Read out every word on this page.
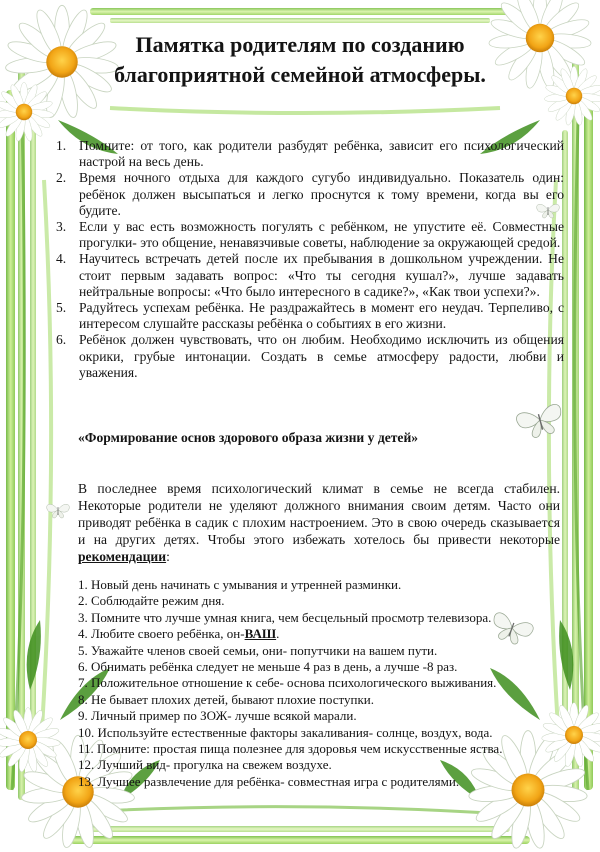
Памятка родителям по созданию
благоприятной семейной атмосферы.
1. Помните: от того, как родители разбудят ребёнка, зависит его психологический настрой на весь день.
2. Время ночного отдыха для каждого сугубо индивидуально. Показатель один: ребёнок должен высыпаться и легко проснутся к тому времени, когда вы его будите.
3. Если у вас есть возможность погулять с ребёнком, не упустите её. Совместные прогулки- это общение, ненавязчивые советы, наблюдение за окружающей средой.
4. Научитесь встречать детей после их пребывания в дошкольном учреждении. Не стоит первым задавать вопрос: «Что ты сегодня кушал?», лучше задавать нейтральные вопросы: «Что было интересного в садике?», «Как твои успехи?».
5. Радуйтесь успехам ребёнка. Не раздражайтесь в момент его неудач. Терпеливо, с интересом слушайте рассказы ребёнка о событиях в его жизни.
6. Ребёнок должен чувствовать, что он любим. Необходимо исключить из общения окрики, грубые интонации. Создать в семье атмосферу радости, любви и уважения.
«Формирование основ здорового образа жизни у детей»

В последнее время психологический климат в семье не всегда стабилен. Некоторые родители не уделяют должного внимания своим детям. Часто они приводят ребёнка в садик с плохим настроением. Это в свою очередь сказывается и на других детях. Чтобы этого избежать хотелось бы привести некоторые рекомендации:

1. Новый день начинать с умывания и утренней разминки.
2. Соблюдайте режим дня.
3. Помните что лучше умная книга, чем бесцельный просмотр телевизора.
4. Любите своего ребёнка, он-ВАШ.
5. Уважайте членов своей семьи, они- попутчики на вашем пути.
6. Обнимать ребёнка следует не меньше 4 раз в день, а лучше -8 раз.
7. Положительное отношение к себе- основа психологического выживания.
8. Не бывает плохих детей, бывают плохие поступки.
9. Личный пример по ЗОЖ- лучше всякой марали.
10. Используйте естественные факторы закаливания- солнце, воздух, вода.
11. Помните: простая пища полезнее для здоровья чем искусственные яства.
12. Лучший вид- прогулка на свежем воздухе.
13. Лучшее развлечение для ребёнка- совместная игра с родителями.
